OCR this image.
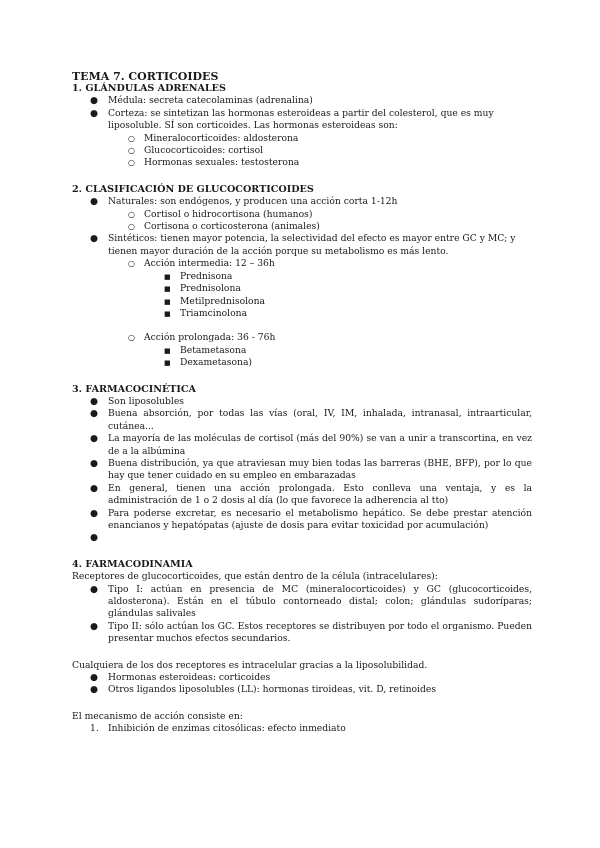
TEMA 7. CORTICOIDES

1. GLÁNDULAS ADRENALES

● Médula: secreta catecolaminas (adrenalina)
● Corteza: se sintetizan las hormonas esteroideas a partir del colesterol, que es muy liposoluble. SÍ son corticoides. Las hormonas esteroideas son:
○ Mineralocorticoides: aldosterona
○ Glucocorticoides: cortisol
○ Hormonas sexuales: testosterona

2. CLASIFICACIÓN DE GLUCOCORTICOIDES

● Naturales: son endógenos, y producen una acción corta 1-12h
○ Cortisol o hidrocortisona (humanos)
○ Cortisona o corticosterona (animales)
● Sintéticos: tienen mayor potencia, la selectividad del efecto es mayor entre GC y MC; y tienen mayor duración de la acción porque su metabolismo es más lento.
○ Acción intermedia: 12 – 36h
■ Prednisona
■ Prednisolona
■ Metilprednisolona
■ Triamcinolona
○ Acción prolongada: 36 - 76h
■ Betametasona
■ Dexametasona)

3. FARMACOCINÉTICA

● Son liposolubles
● Buena absorción, por todas las vías (oral, IV, IM, inhalada, intranasal, intraarticular, cutánea...
● La mayoría de las moléculas de cortisol (más del 90%) se van a unir a transcortina, en vez de a la albúmina
● Buena distribución, ya que atraviesan muy bien todas las barreras (BHE, BFP), por lo que hay que tener cuidado en su empleo en embarazadas
● En general, tienen una acción prolongada. Esto conlleva una ventaja, y es la administración de 1 o 2 dosis al día (lo que favorece la adherencia al tto)
● Para poderse excretar, es necesario el metabolismo hepático. Se debe prestar atención enancianos y hepatópatas (ajuste de dosis para evitar toxicidad por acumulación)
●

4. FARMACODINAMIA

Receptores de glucocorticoides, que están dentro de la célula (intracelulares):

● Tipo I: actúan en presencia de MC (mineralocorticoides) y GC (glucocorticoides, aldosterona). Están en el túbulo contorneado distal; colon; glándulas sudoríparas; glándulas salivales
● Tipo II: sólo actúan los GC. Estos receptores se distribuyen por todo el organismo. Pueden presentar muchos efectos secundarios.

Cualquiera de los dos receptores es intracelular gracias a la liposolubilidad.

● Hormonas esteroideas: corticoides
● Otros ligandos liposolubles (LL): hormonas tiroideas, vit. D, retinoides

El mecanismo de acción consiste en:

1. Inhibición de enzimas citosólicas: efecto inmediato
